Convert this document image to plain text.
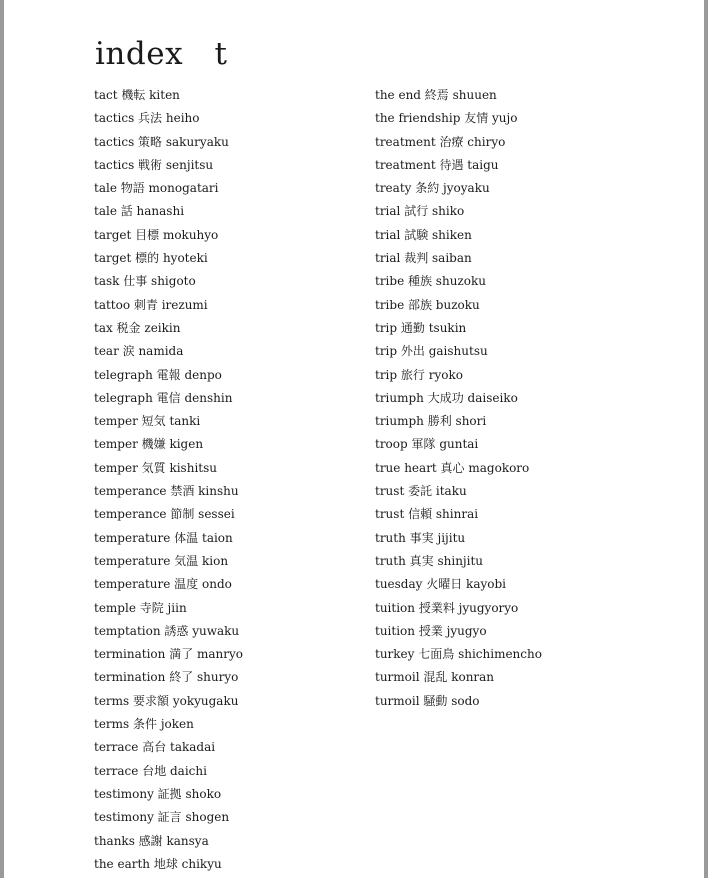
index　t
tact 機転 kiten
tactics 兵法 heiho
tactics 策略 sakuryaku
tactics 戦術 senjitsu
tale 物語 monogatari
tale 話 hanashi
target 目標 mokuhyo
target 標的 hyoteki
task 仕事 shigoto
tattoo 刺青 irezumi
tax 税金 zeikin
tear 涙 namida
telegraph 電報 denpo
telegraph 電信 denshin
temper 短気 tanki
temper 機嫌 kigen
temper 気質 kishitsu
temperance 禁酒 kinshu
temperance 節制 sessei
temperature 体温 taion
temperature 気温 kion
temperature 温度 ondo
temple 寺院 jiin
temptation 誘惑 yuwaku
termination 満了 manryo
termination 終了 shuryo
terms 要求額 yokyugaku
terms 条件 joken
terrace 高台 takadai
terrace 台地 daichi
testimony 証拠 shoko
testimony 証言 shogen
thanks 感謝 kansya
the earth 地球 chikyu
the end 終焉 shuuen
the friendship 友情 yujo
treatment 治療 chiryo
treatment 待遇 taigu
treaty 条約 jyoyaku
trial 試行 shiko
trial 試験 shiken
trial 裁判 saiban
tribe 種族 shuzoku
tribe 部族 buzoku
trip 通勤 tsukin
trip 外出 gaishutsu
trip 旅行 ryoko
triumph 大成功 daiseiko
triumph 勝利 shori
troop 軍隊 guntai
true heart 真心 magokoro
trust 委託 itaku
trust 信頼 shinrai
truth 事実 jijitu
truth 真実 shinjitu
tuesday 火曜日 kayobi
tuition 授業料 jyugyoryo
tuition 授業 jyugyo
turkey 七面鳥 shichimencho
turmoil 混乱 konran
turmoil 騒動 sodo
